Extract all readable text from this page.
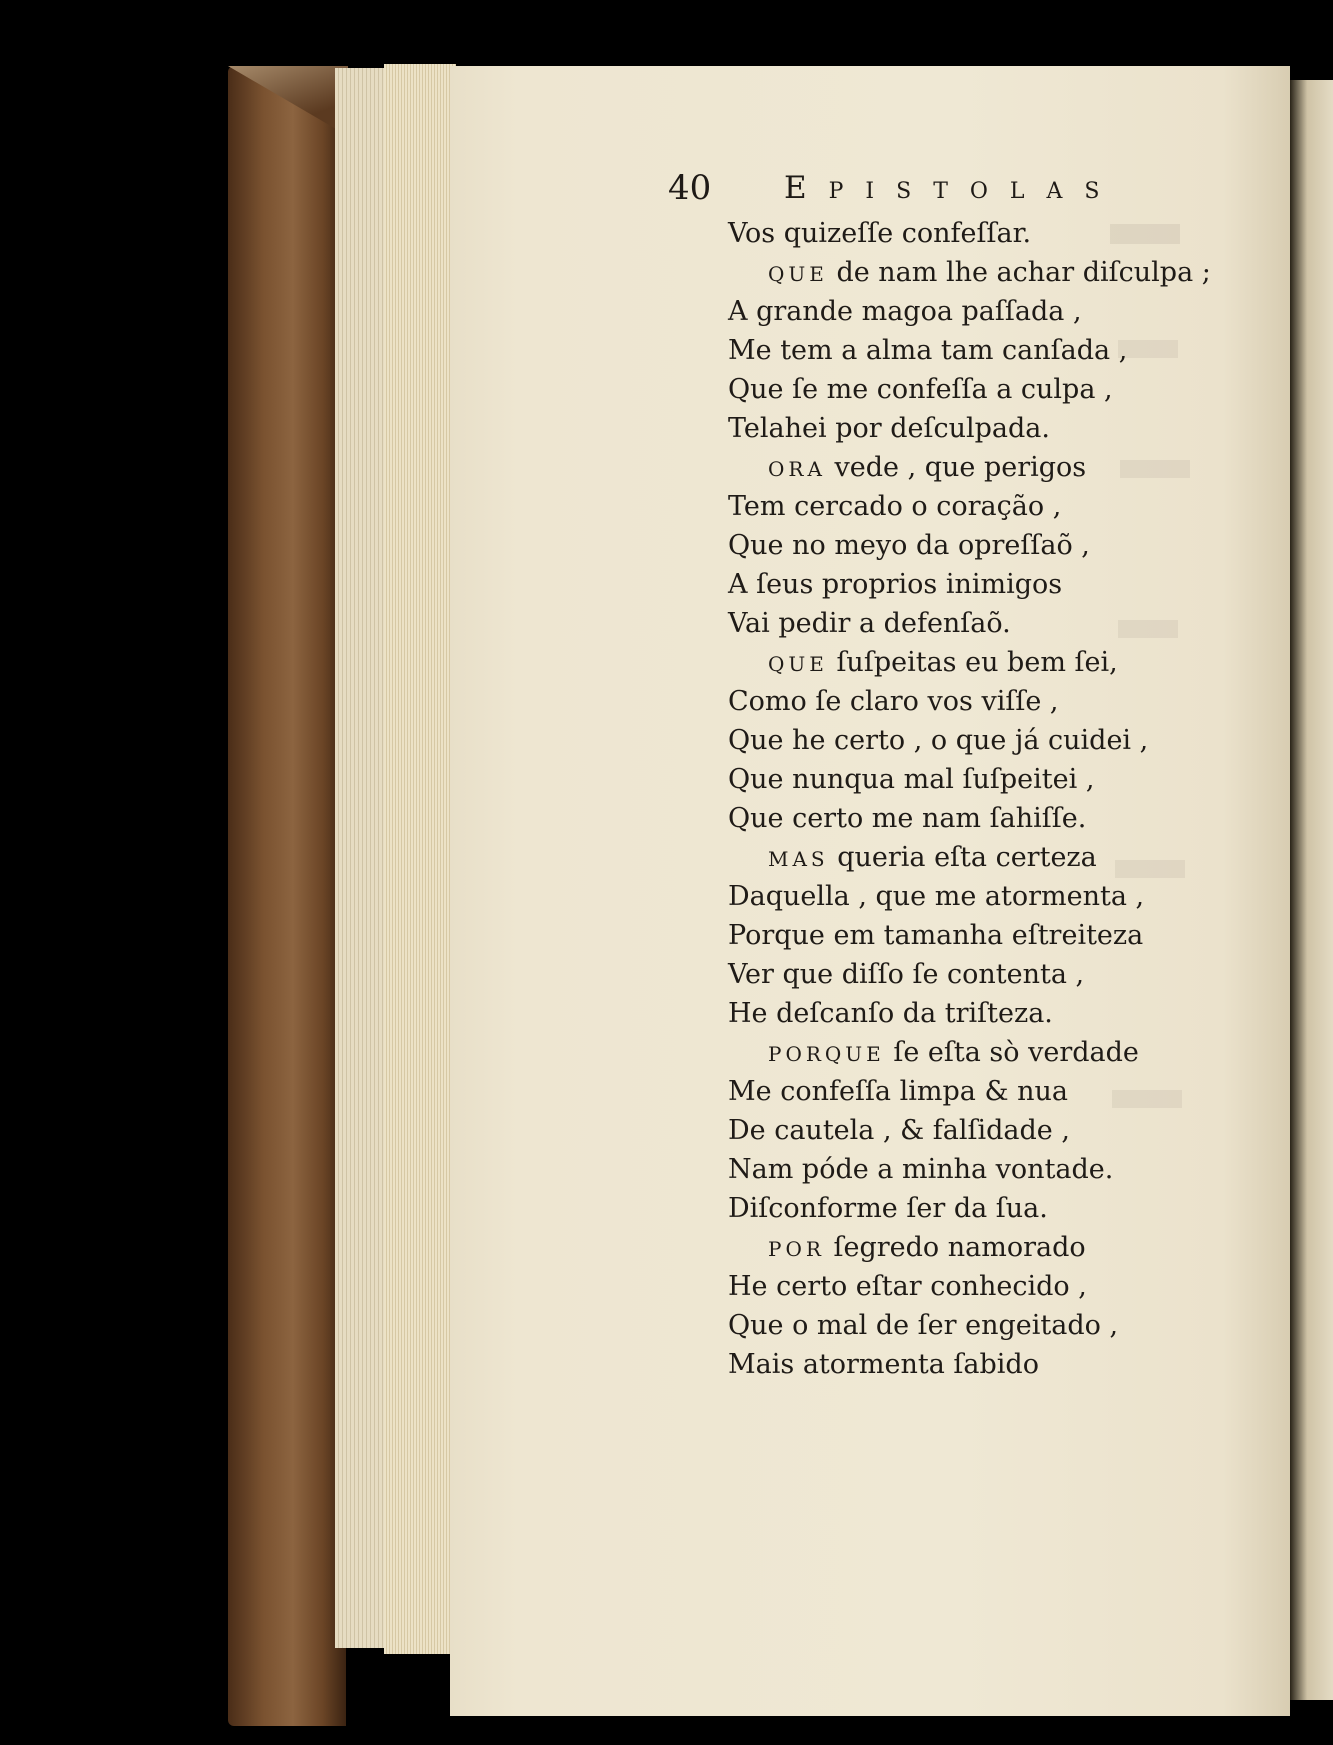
40 Epistolas
Vos quizeſſe confeſſar.
QUE de nam lhe achar diſculpa ;
A grande magoa paſſada ,
Me tem a alma tam canſada ,
Que ſe me confeſſa a culpa ,
Telahei por deſculpada.
ORA vede , que perigos
Tem cercado o coração ,
Que no meyo da opreſſaõ ,
A ſeus proprios inimigos
Vai pedir a defenſaõ.
QUE ſuſpeitas eu bem ſei,
Como ſe claro vos viſſe ,
Que he certo , o que já cuidei ,
Que nunqua mal ſuſpeitei ,
Que certo me nam ſahiſſe.
MAS queria eſta certeza
Daquella , que me atormenta ,
Porque em tamanha eſtreiteza
Ver que diſſo ſe contenta ,
He deſcanſo da triſteza.
PORQUE ſe eſta sò verdade
Me confeſſa limpa & nua
De cautela , & falſidade ,
Nam póde a minha vontade.
Diſconforme ſer da ſua.
POR ſegredo namorado
He certo eſtar conhecido ,
Que o mal de ſer engeitado ,
Mais atormenta ſabido
